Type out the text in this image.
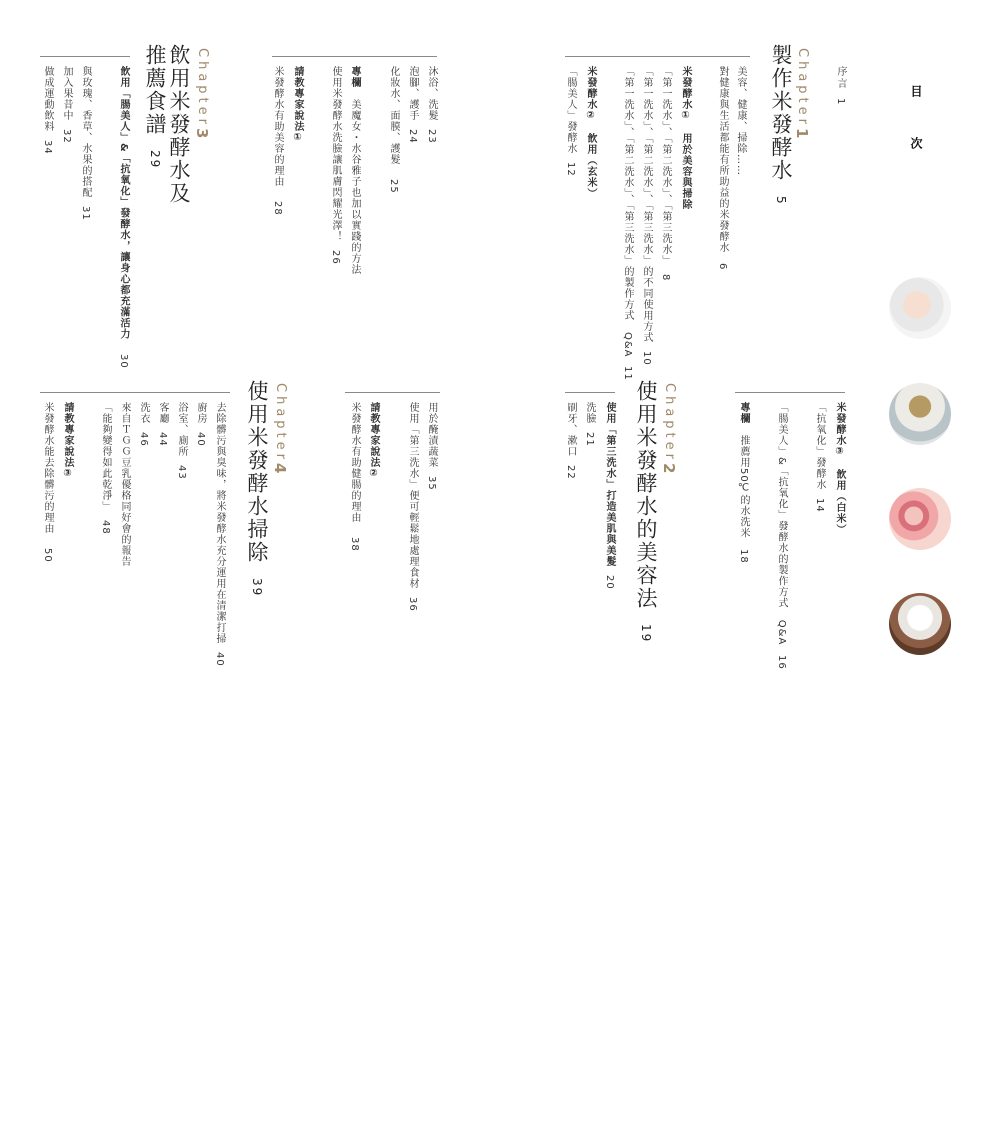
目　次
序言1
Chapter1
製作米發酵水5
美容、健康、掃除……
對健康與生活都能有所助益的米發酵水6
米發酵水①　用於美容與掃除
「第一洗水」、「第二洗水」、「第三洗水」8
「第一洗水」、「第二洗水」、「第三洗水」的不同使用方式10
「第一洗水」、「第二洗水」、「第三洗水」的製作方式　Q&A11
米發酵水②　飲用（玄米）
「腸美人」發酵水12
米發酵水③　飲用（白米）
「抗氧化」發酵水14
「腸美人」&「抗氧化」發酵水的製作方式　Q&A16
專欄　推薦用50℃的水洗米18
Chapter2
使用米發酵水的美容法19
使用「第三洗水」打造美肌與美髮20
洗臉21
刷牙、漱口22
沐浴、洗髮23
泡腳、護手24
化妝水、面膜、護髮25
專欄　美魔女・水谷雅子也加以實踐的方法
使用米發酵水洗臉讓肌膚閃耀光澤！26
請教專家說法①
米發酵水有助美容的理由28
Chapter3
飲用米發酵水及
推薦食譜29
飲用「腸美人」&「抗氧化」發酵水，讓身心都充滿活力30
與玫瑰、香草、水果的搭配31
加入果昔中32
做成運動飲料34
用於醃漬蔬菜35
使用「第三洗水」便可輕鬆地處理食材36
請教專家說法②
米發酵水有助健腸的理由38
Chapter4
使用米發酵水掃除39
去除髒污與臭味，將米發酵水充分運用在清潔打掃40
廚房40
浴室、廁所43
客廳44
洗衣46
來自ＴＧＧ豆乳優格同好會的報告
「能夠變得如此乾淨」48
請教專家說法③
米發酵水能去除髒污的理由50
